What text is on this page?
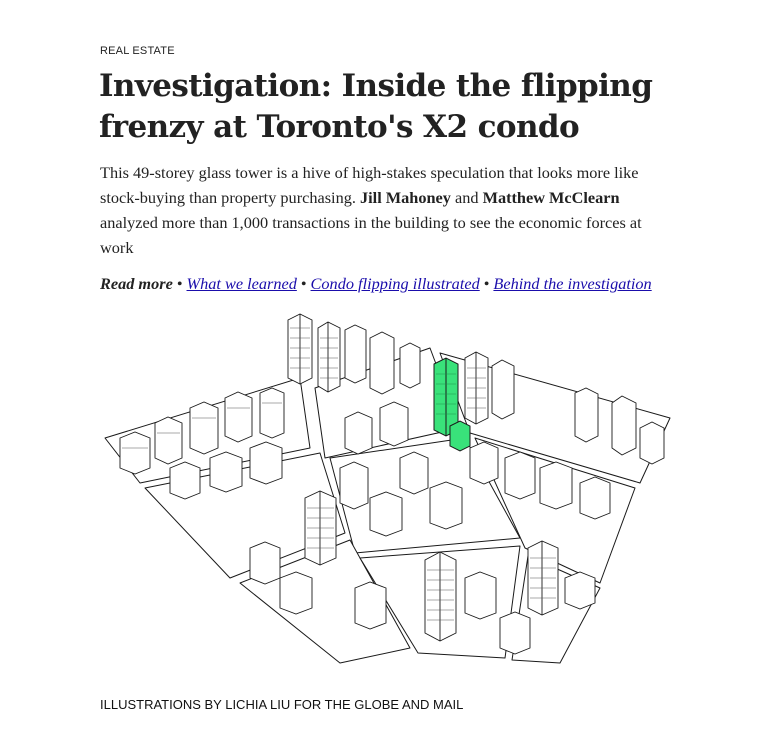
REAL ESTATE
Investigation: Inside the flipping frenzy at Toronto's X2 condo

This 49-storey glass tower is a hive of high-stakes speculation that looks more like stock-buying than property purchasing. Jill Mahoney and Matthew McClearn analyzed more than 1,000 transactions in the building to see the economic forces at work

Read more • What we learned • Condo flipping illustrated • Behind the investigation
ILLUSTRATIONS BY LICHIA LIU FOR THE GLOBE AND MAIL
